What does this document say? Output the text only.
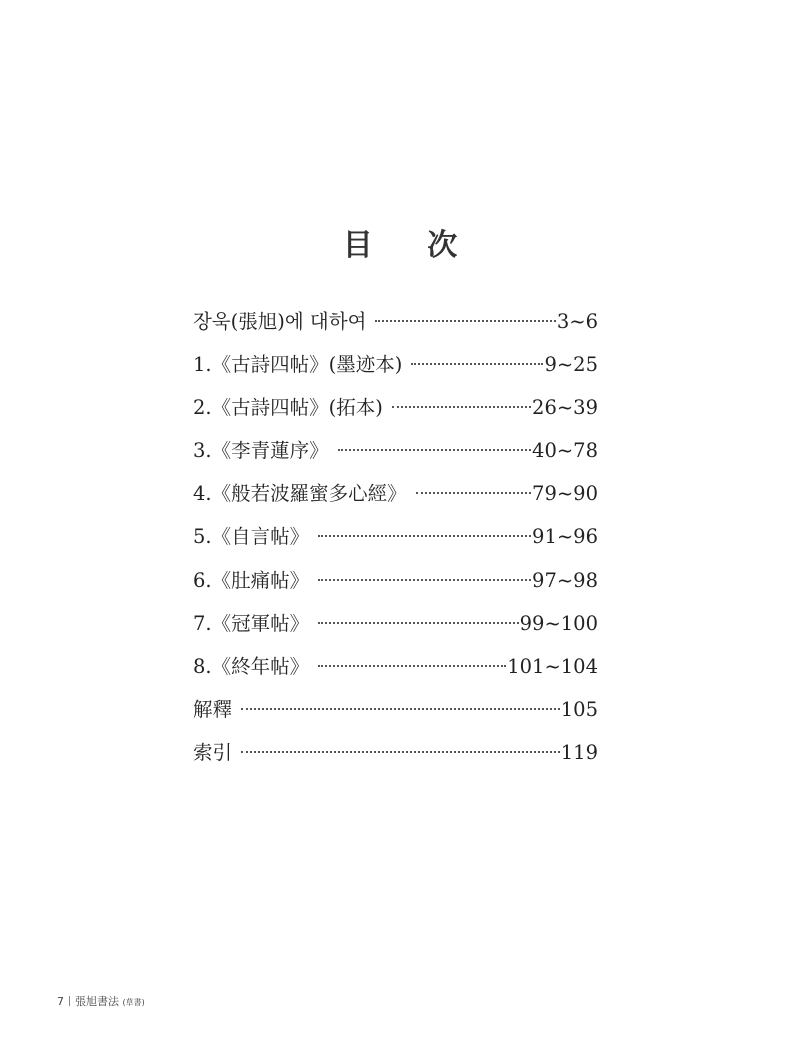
目 次
장욱(張旭)에 대하여	3~6
1.《古詩四帖》(墨迹本)	9~25
2.《古詩四帖》(拓本)	26~39
3.《李青蓮序》	40~78
4.《般若波羅蜜多心經》	79~90
5.《自言帖》	91~96
6.《肚痛帖》	97~98
7.《冠軍帖》	99~100
8.《終年帖》	101~104
解釋	105
索引	119
7 張旭書法 (草書)
